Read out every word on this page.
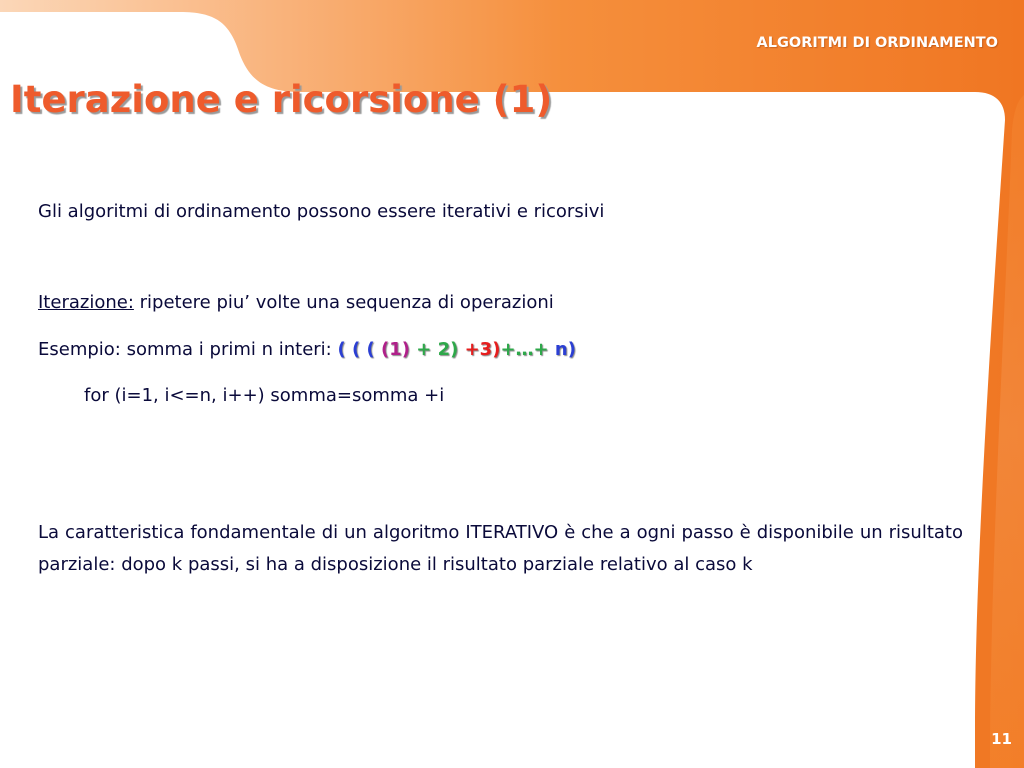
ALGORITMI DI ORDINAMENTO
Iterazione e ricorsione (1)

Gli algoritmi di ordinamento possono essere iterativi e ricorsivi

Iterazione: ripetere piu’ volte una sequenza di operazioni

Esempio: somma i primi n interi: ( ( ( (1) + 2) +3)+…+ n)

for (i=1, i<=n, i++) somma=somma +i

La caratteristica fondamentale di un algoritmo ITERATIVO è che a ogni passo è disponibile un risultato parziale: dopo k passi, si ha a disposizione il risultato parziale relativo al caso k

11
